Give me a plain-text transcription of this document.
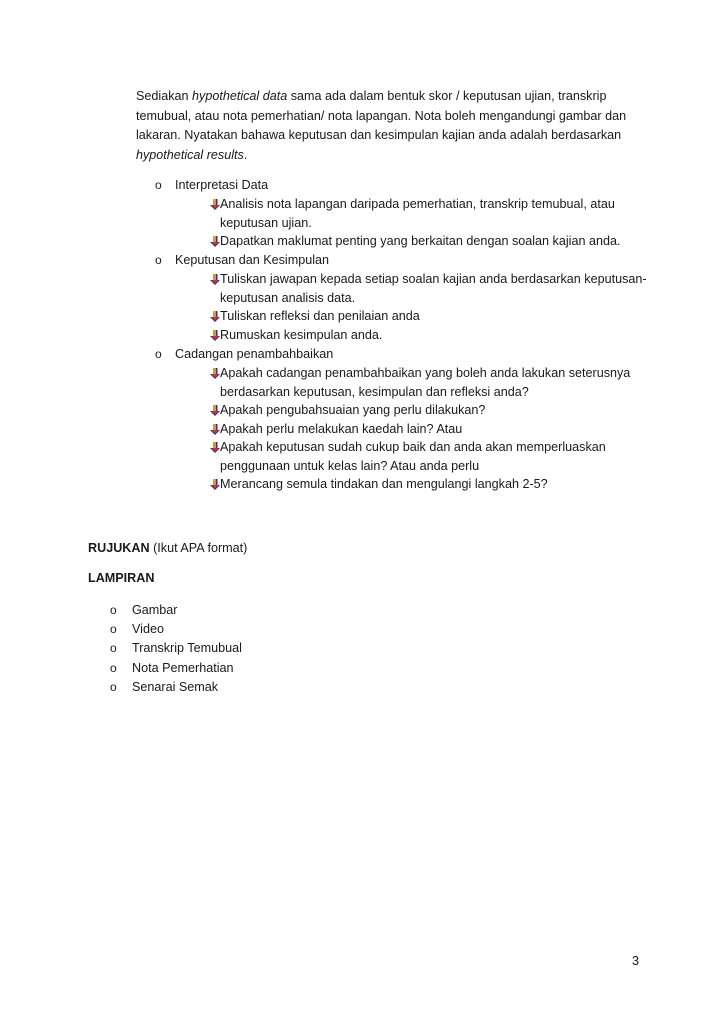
Sediakan hypothetical data sama ada dalam bentuk skor / keputusan ujian, transkrip temubual, atau nota pemerhatian/ nota lapangan. Nota boleh mengandungi gambar dan lakaran. Nyatakan bahawa keputusan dan kesimpulan kajian anda adalah berdasarkan hypothetical results.

o	Interpretasi Data
Analisis nota lapangan daripada pemerhatian, transkrip temubual, atau keputusan ujian.
Dapatkan maklumat penting yang berkaitan dengan soalan kajian anda.
o	Keputusan dan Kesimpulan
Tuliskan jawapan kepada setiap soalan kajian anda berdasarkan keputusan-keputusan analisis data.
Tuliskan refleksi dan penilaian anda
Rumuskan kesimpulan anda.
o	Cadangan penambahbaikan
Apakah cadangan penambahbaikan yang boleh anda lakukan seterusnya berdasarkan keputusan, kesimpulan dan refleksi anda?
Apakah pengubahsuaian yang perlu dilakukan?
Apakah perlu melakukan kaedah lain? Atau
Apakah keputusan sudah cukup baik dan anda akan memperluaskan penggunaan untuk kelas lain? Atau anda perlu
Merancang semula tindakan dan mengulangi langkah 2-5?
RUJUKAN (Ikut APA format)
LAMPIRAN
o	Gambar
o	Video
o	Transkrip Temubual
o	Nota Pemerhatian
o	Senarai Semak
3
